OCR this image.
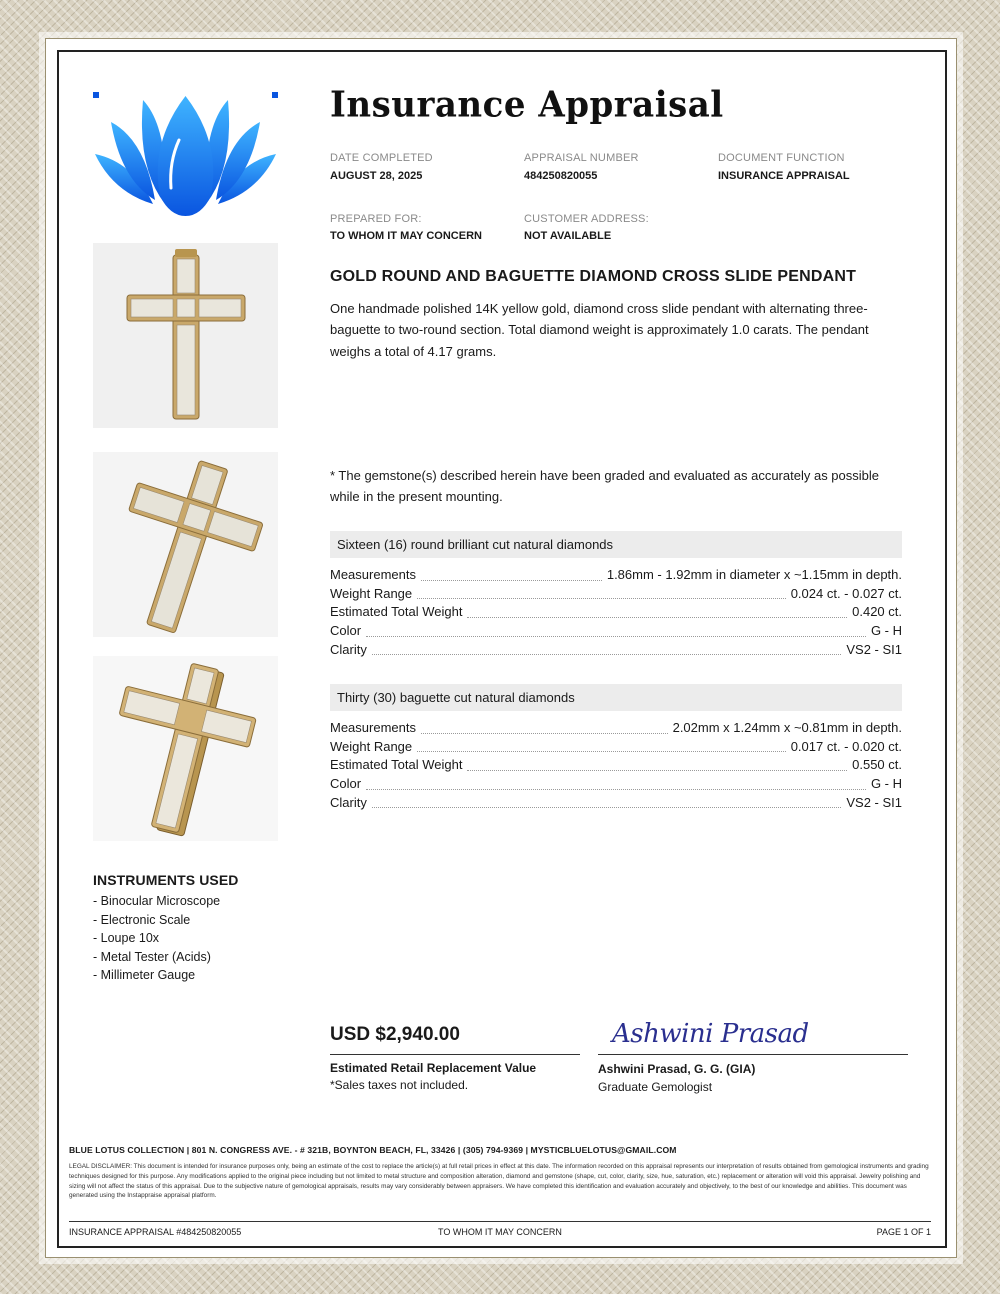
INSTRUMENTS USED
- Binocular Microscope
- Electronic Scale
- Loupe 10x
- Metal Tester (Acids)
- Millimeter Gauge
Insurance Appraisal
DATE COMPLETED
AUGUST 28, 2025
APPRAISAL NUMBER
484250820055
DOCUMENT FUNCTION
INSURANCE APPRAISAL
PREPARED FOR:
TO WHOM IT MAY CONCERN
CUSTOMER ADDRESS:
NOT AVAILABLE
GOLD ROUND AND BAGUETTE DIAMOND CROSS SLIDE PENDANT

One handmade polished 14K yellow gold, diamond cross slide pendant with alternating three-baguette to two-round section. Total diamond weight is approximately 1.0 carats. The pendant weighs a total of 4.17 grams.

* The gemstone(s) described herein have been graded and evaluated as accurately as possible while in the present mounting.

Sixteen (16) round brilliant cut natural diamonds
Measurements	1.86mm - 1.92mm in diameter x ~1.15mm in depth.
Weight Range	0.024 ct. - 0.027 ct.
Estimated Total Weight	0.420 ct.
Color	G - H
Clarity	VS2 - SI1
Thirty (30) baguette cut natural diamonds
Measurements	2.02mm x 1.24mm x ~0.81mm in depth.
Weight Range	0.017 ct. - 0.020 ct.
Estimated Total Weight	0.550 ct.
Color	G - H
Clarity	VS2 - SI1
USD $2,940.00
Estimated Retail Replacement Value
*Sales taxes not included.
Ashwini Prasad
Ashwini Prasad, G. G. (GIA)
Graduate Gemologist
BLUE LOTUS COLLECTION | 801 N. CONGRESS AVE. - # 321B, BOYNTON BEACH, FL, 33426 | (305) 794-9369 | MYSTICBLUELOTUS@GMAIL.COM

LEGAL DISCLAIMER: This document is intended for insurance purposes only, being an estimate of the cost to replace the article(s) at full retail prices in effect at this date. The information recorded on this appraisal represents our interpretation of results obtained from gemological instruments and grading techniques designed for this purpose. Any modifications applied to the original piece including but not limited to metal structure and composition alteration, diamond and gemstone (shape, cut, color, clarity, size, hue, saturation, etc.) replacement or alteration will void this appraisal. Jewelry polishing and sizing will not affect the status of this appraisal. Due to the subjective nature of gemological appraisals, results may vary considerably between appraisers. We have completed this identification and evaluation accurately and objectively, to the best of our knowledge and abilities. This document was generated using the Instappraise appraisal platform.

INSURANCE APPRAISAL #484250820055	TO WHOM IT MAY CONCERN	PAGE 1 OF 1
